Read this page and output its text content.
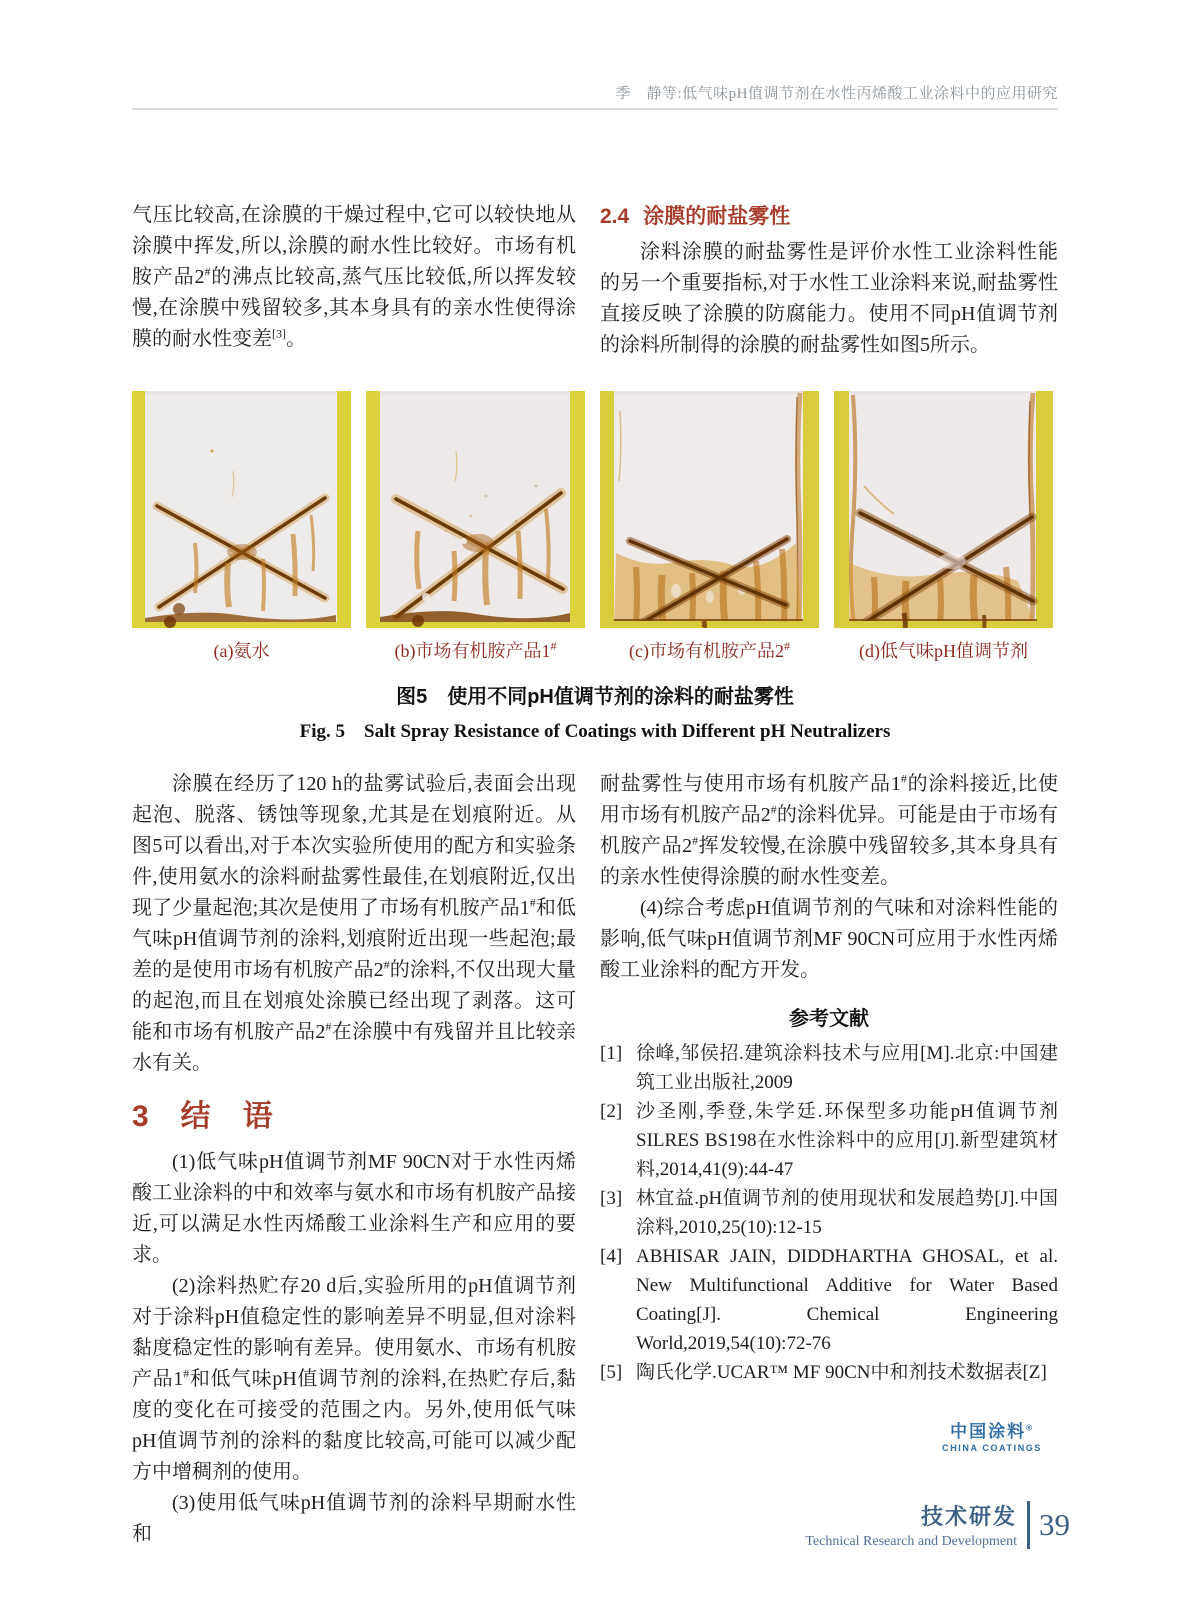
季　静等:低气味pH值调节剂在水性丙烯酸工业涂料中的应用研究

气压比较高,在涂膜的干燥过程中,它可以较快地从涂膜中挥发,所以,涂膜的耐水性比较好。市场有机胺产品2#的沸点比较高,蒸气压比较低,所以挥发较慢,在涂膜中残留较多,其本身具有的亲水性使得涂膜的耐水性变差[3]。

2.4 涂膜的耐盐雾性

涂料涂膜的耐盐雾性是评价水性工业涂料性能的另一个重要指标,对于水性工业涂料来说,耐盐雾性直接反映了涂膜的防腐能力。使用不同pH值调节剂的涂料所制得的涂膜的耐盐雾性如图5所示。

(a)氨水	(b)市场有机胺产品1#	(c)市场有机胺产品2#	(d)低气味pH值调节剂
图5　使用不同pH值调节剂的涂料的耐盐雾性
Fig. 5　Salt Spray Resistance of Coatings with Different pH Neutralizers

涂膜在经历了120 h的盐雾试验后,表面会出现起泡、脱落、锈蚀等现象,尤其是在划痕附近。从图5可以看出,对于本次实验所使用的配方和实验条件,使用氨水的涂料耐盐雾性最佳,在划痕附近,仅出现了少量起泡;其次是使用了市场有机胺产品1#和低气味pH值调节剂的涂料,划痕附近出现一些起泡;最差的是使用市场有机胺产品2#的涂料,不仅出现大量的起泡,而且在划痕处涂膜已经出现了剥落。这可能和市场有机胺产品2#在涂膜中有残留并且比较亲水有关。

3　结　语

(1)低气味pH值调节剂MF 90CN对于水性丙烯酸工业涂料的中和效率与氨水和市场有机胺产品接近,可以满足水性丙烯酸工业涂料生产和应用的要求。

(2)涂料热贮存20 d后,实验所用的pH值调节剂对于涂料pH值稳定性的影响差异不明显,但对涂料黏度稳定性的影响有差异。使用氨水、市场有机胺产品1#和低气味pH值调节剂的涂料,在热贮存后,黏度的变化在可接受的范围之内。另外,使用低气味pH值调节剂的涂料的黏度比较高,可能可以减少配方中增稠剂的使用。

(3)使用低气味pH值调节剂的涂料早期耐水性和

耐盐雾性与使用市场有机胺产品1#的涂料接近,比使用市场有机胺产品2#的涂料优异。可能是由于市场有机胺产品2#挥发较慢,在涂膜中残留较多,其本身具有的亲水性使得涂膜的耐水性变差。

(4)综合考虑pH值调节剂的气味和对涂料性能的影响,低气味pH值调节剂MF 90CN可应用于水性丙烯酸工业涂料的配方开发。

参考文献
[1] 徐峰,邹侯招.建筑涂料技术与应用[M].北京:中国建筑工业出版社,2009
[2] 沙圣刚,季登,朱学廷.环保型多功能pH值调节剂SILRES BS198在水性涂料中的应用[J].新型建筑材料,2014,41(9):44-47
[3] 林宜益.pH值调节剂的使用现状和发展趋势[J].中国涂料,2010,25(10):12-15
[4] ABHISAR JAIN, DIDDHARTHA GHOSAL, et al. New Multifunctional Additive for Water Based Coating[J]. Chemical Engineering World,2019,54(10):72-76
[5] 陶氏化学.UCAR™ MF 90CN中和剂技术数据表[Z]
中国涂料®
CHINA COATINGS
技术研发
Technical Research and Development 39
